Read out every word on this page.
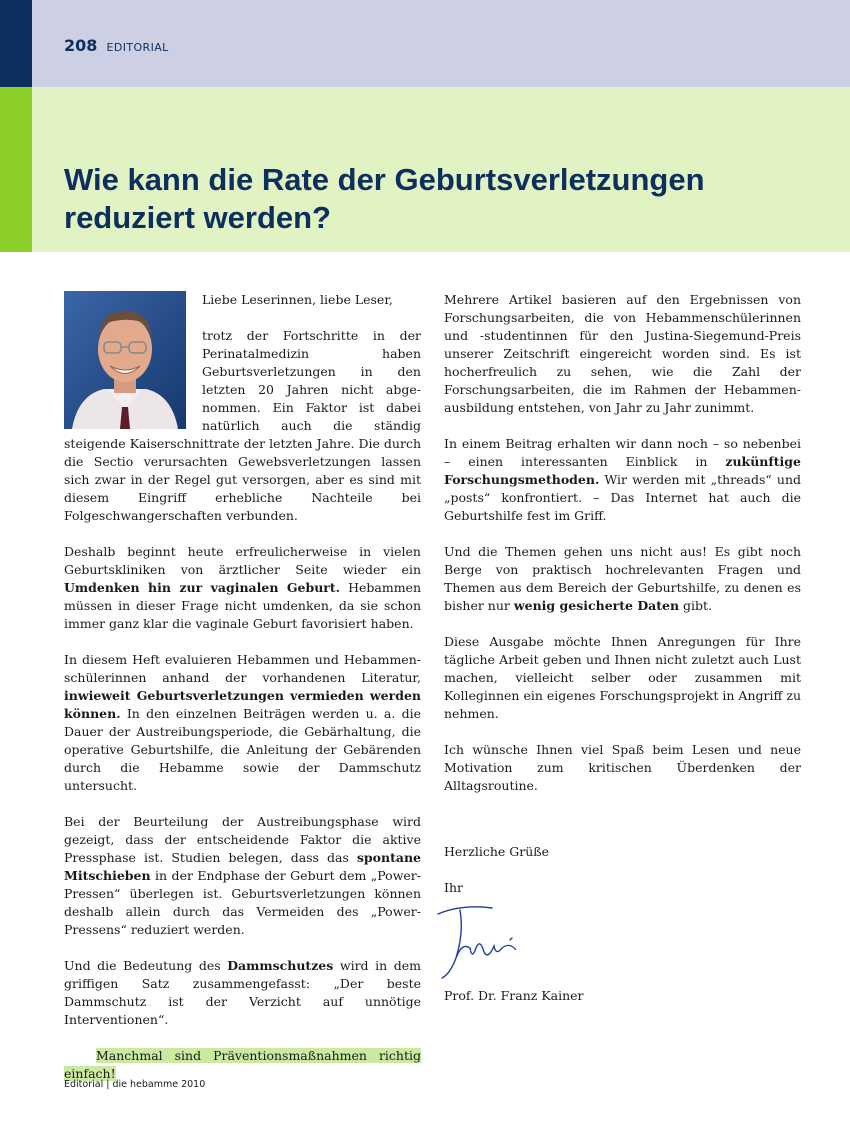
208 EDITORIAL
Wie kann die Rate der Geburtsverletzungen
reduziert werden?

Liebe Leserinnen, liebe Leser,

trotz der Fortschritte in der Perinatalmedizin haben Geburtsverletzungen in den letzten 20 Jahren nicht abgenommen. Ein Faktor ist dabei natürlich auch die ständig steigende Kaiserschnittrate der letzten Jahre. Die durch die Sectio verursachten Gewebsverletzungen lassen sich zwar in der Regel gut versorgen, aber es sind mit diesem Eingriff erhebliche Nachteile bei Folgeschwangerschaften verbunden.

Deshalb beginnt heute erfreulicherweise in vielen Geburtskliniken von ärztlicher Seite wieder ein Umdenken hin zur vaginalen Geburt. Hebammen müssen in dieser Frage nicht umdenken, da sie schon immer ganz klar die vaginale Geburt favorisiert haben.

In diesem Heft evaluieren Hebammen und Hebammenschülerinnen anhand der vorhandenen Literatur, inwieweit Geburtsverletzungen vermieden werden können. In den einzelnen Beiträgen werden u. a. die Dauer der Austreibungsperiode, die Gebärhaltung, die operative Geburtshilfe, die Anleitung der Gebärenden durch die Hebamme sowie der Dammschutz untersucht.

Bei der Beurteilung der Austreibungsphase wird gezeigt, dass der entscheidende Faktor die aktive Pressphase ist. Studien belegen, dass das spontane Mitschieben in der Endphase der Geburt dem „Power-Pressen“ überlegen ist. Geburtsverletzungen können deshalb allein durch das Vermeiden des „Power-Pressens“ reduziert werden.

Und die Bedeutung des Dammschutzes wird in dem griffigen Satz zusammengefasst: „Der beste Dammschutz ist der Verzicht auf unnötige Interventionen“.

Manchmal sind Präventionsmaßnahmen richtig einfach!

Mehrere Artikel basieren auf den Ergebnissen von Forschungsarbeiten, die von Hebammenschülerinnen und -studentinnen für den Justina-Siegemund-Preis unserer Zeitschrift eingereicht worden sind. Es ist hocherfreulich zu sehen, wie die Zahl der Forschungsarbeiten, die im Rahmen der Hebammenausbildung entstehen, von Jahr zu Jahr zunimmt.

In einem Beitrag erhalten wir dann noch – so nebenbei – einen interessanten Einblick in zukünftige Forschungsmethoden. Wir werden mit „threads“ und „posts“ konfrontiert. – Das Internet hat auch die Geburtshilfe fest im Griff.

Und die Themen gehen uns nicht aus! Es gibt noch Berge von praktisch hochrelevanten Fragen und Themen aus dem Bereich der Geburtshilfe, zu denen es bisher nur wenig gesicherte Daten gibt.

Diese Ausgabe möchte Ihnen Anregungen für Ihre tägliche Arbeit geben und Ihnen nicht zuletzt auch Lust machen, vielleicht selber oder zusammen mit Kolleginnen ein eigenes Forschungsprojekt in Angriff zu nehmen.

Ich wünsche Ihnen viel Spaß beim Lesen und neue Motivation zum kritischen Überdenken der Alltagsroutine.

Herzliche Grüße
Ihr
Prof. Dr. Franz Kainer
Editorial | die hebamme 2010
